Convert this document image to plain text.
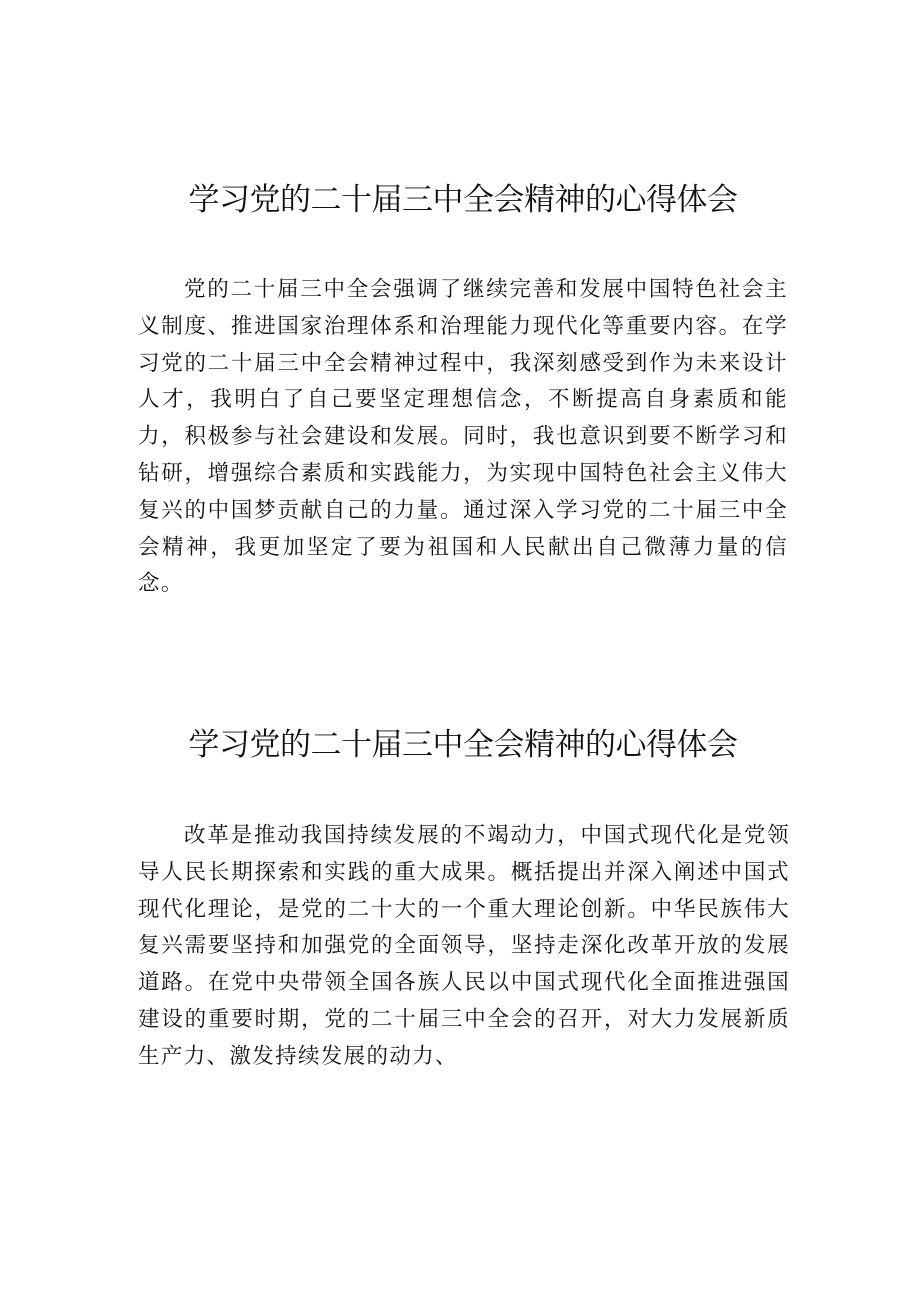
学习党的二十届三中全会精神的心得体会

党的二十届三中全会强调了继续完善和发展中国特色社会主义制度、推进国家治理体系和治理能力现代化等重要内容。在学习党的二十届三中全会精神过程中，我深刻感受到作为未来设计人才，我明白了自己要坚定理想信念，不断提高自身素质和能力，积极参与社会建设和发展。同时，我也意识到要不断学习和钻研，增强综合素质和实践能力，为实现中国特色社会主义伟大复兴的中国梦贡献自己的力量。通过深入学习党的二十届三中全会精神，我更加坚定了要为祖国和人民献出自己微薄力量的信念。

学习党的二十届三中全会精神的心得体会

改革是推动我国持续发展的不竭动力，中国式现代化是党领导人民长期探索和实践的重大成果。概括提出并深入阐述中国式现代化理论，是党的二十大的一个重大理论创新。中华民族伟大复兴需要坚持和加强党的全面领导，坚持走深化改革开放的发展道路。在党中央带领全国各族人民以中国式现代化全面推进强国建设的重要时期，党的二十届三中全会的召开，对大力发展新质生产力、激发持续发展的动力、
